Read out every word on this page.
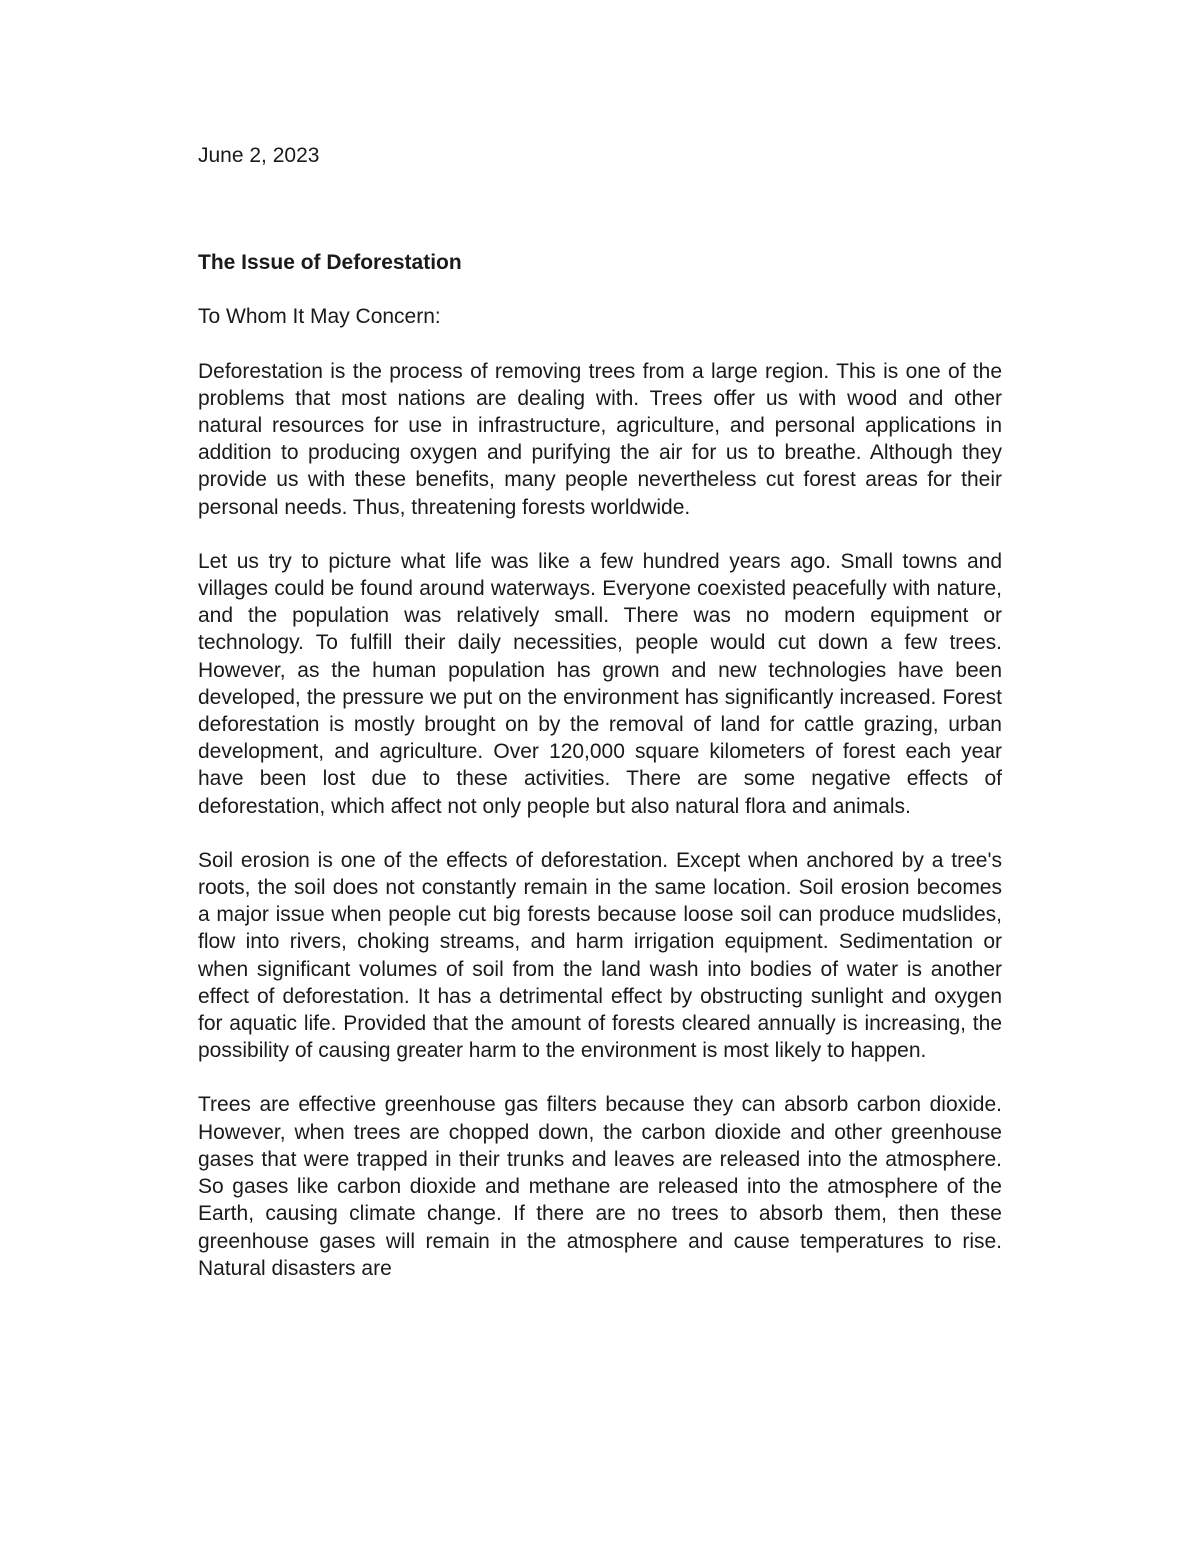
June 2, 2023

The Issue of Deforestation

To Whom It May Concern:

Deforestation is the process of removing trees from a large region. This is one of the problems that most nations are dealing with. Trees offer us with wood and other natural resources for use in infrastructure, agriculture, and personal applications in addition to producing oxygen and purifying the air for us to breathe. Although they provide us with these benefits, many people nevertheless cut forest areas for their personal needs. Thus, threatening forests worldwide.

Let us try to picture what life was like a few hundred years ago. Small towns and villages could be found around waterways. Everyone coexisted peacefully with nature, and the population was relatively small. There was no modern equipment or technology. To fulfill their daily necessities, people would cut down a few trees. However, as the human population has grown and new technologies have been developed, the pressure we put on the environment has significantly increased. Forest deforestation is mostly brought on by the removal of land for cattle grazing, urban development, and agriculture. Over 120,000 square kilometers of forest each year have been lost due to these activities. There are some negative effects of deforestation, which affect not only people but also natural flora and animals.

Soil erosion is one of the effects of deforestation. Except when anchored by a tree's roots, the soil does not constantly remain in the same location. Soil erosion becomes a major issue when people cut big forests because loose soil can produce mudslides, flow into rivers, choking streams, and harm irrigation equipment. Sedimentation or when significant volumes of soil from the land wash into bodies of water is another effect of deforestation. It has a detrimental effect by obstructing sunlight and oxygen for aquatic life. Provided that the amount of forests cleared annually is increasing, the possibility of causing greater harm to the environment is most likely to happen.

Trees are effective greenhouse gas filters because they can absorb carbon dioxide. However, when trees are chopped down, the carbon dioxide and other greenhouse gases that were trapped in their trunks and leaves are released into the atmosphere. So gases like carbon dioxide and methane are released into the atmosphere of the Earth, causing climate change. If there are no trees to absorb them, then these greenhouse gases will remain in the atmosphere and cause temperatures to rise. Natural disasters are
